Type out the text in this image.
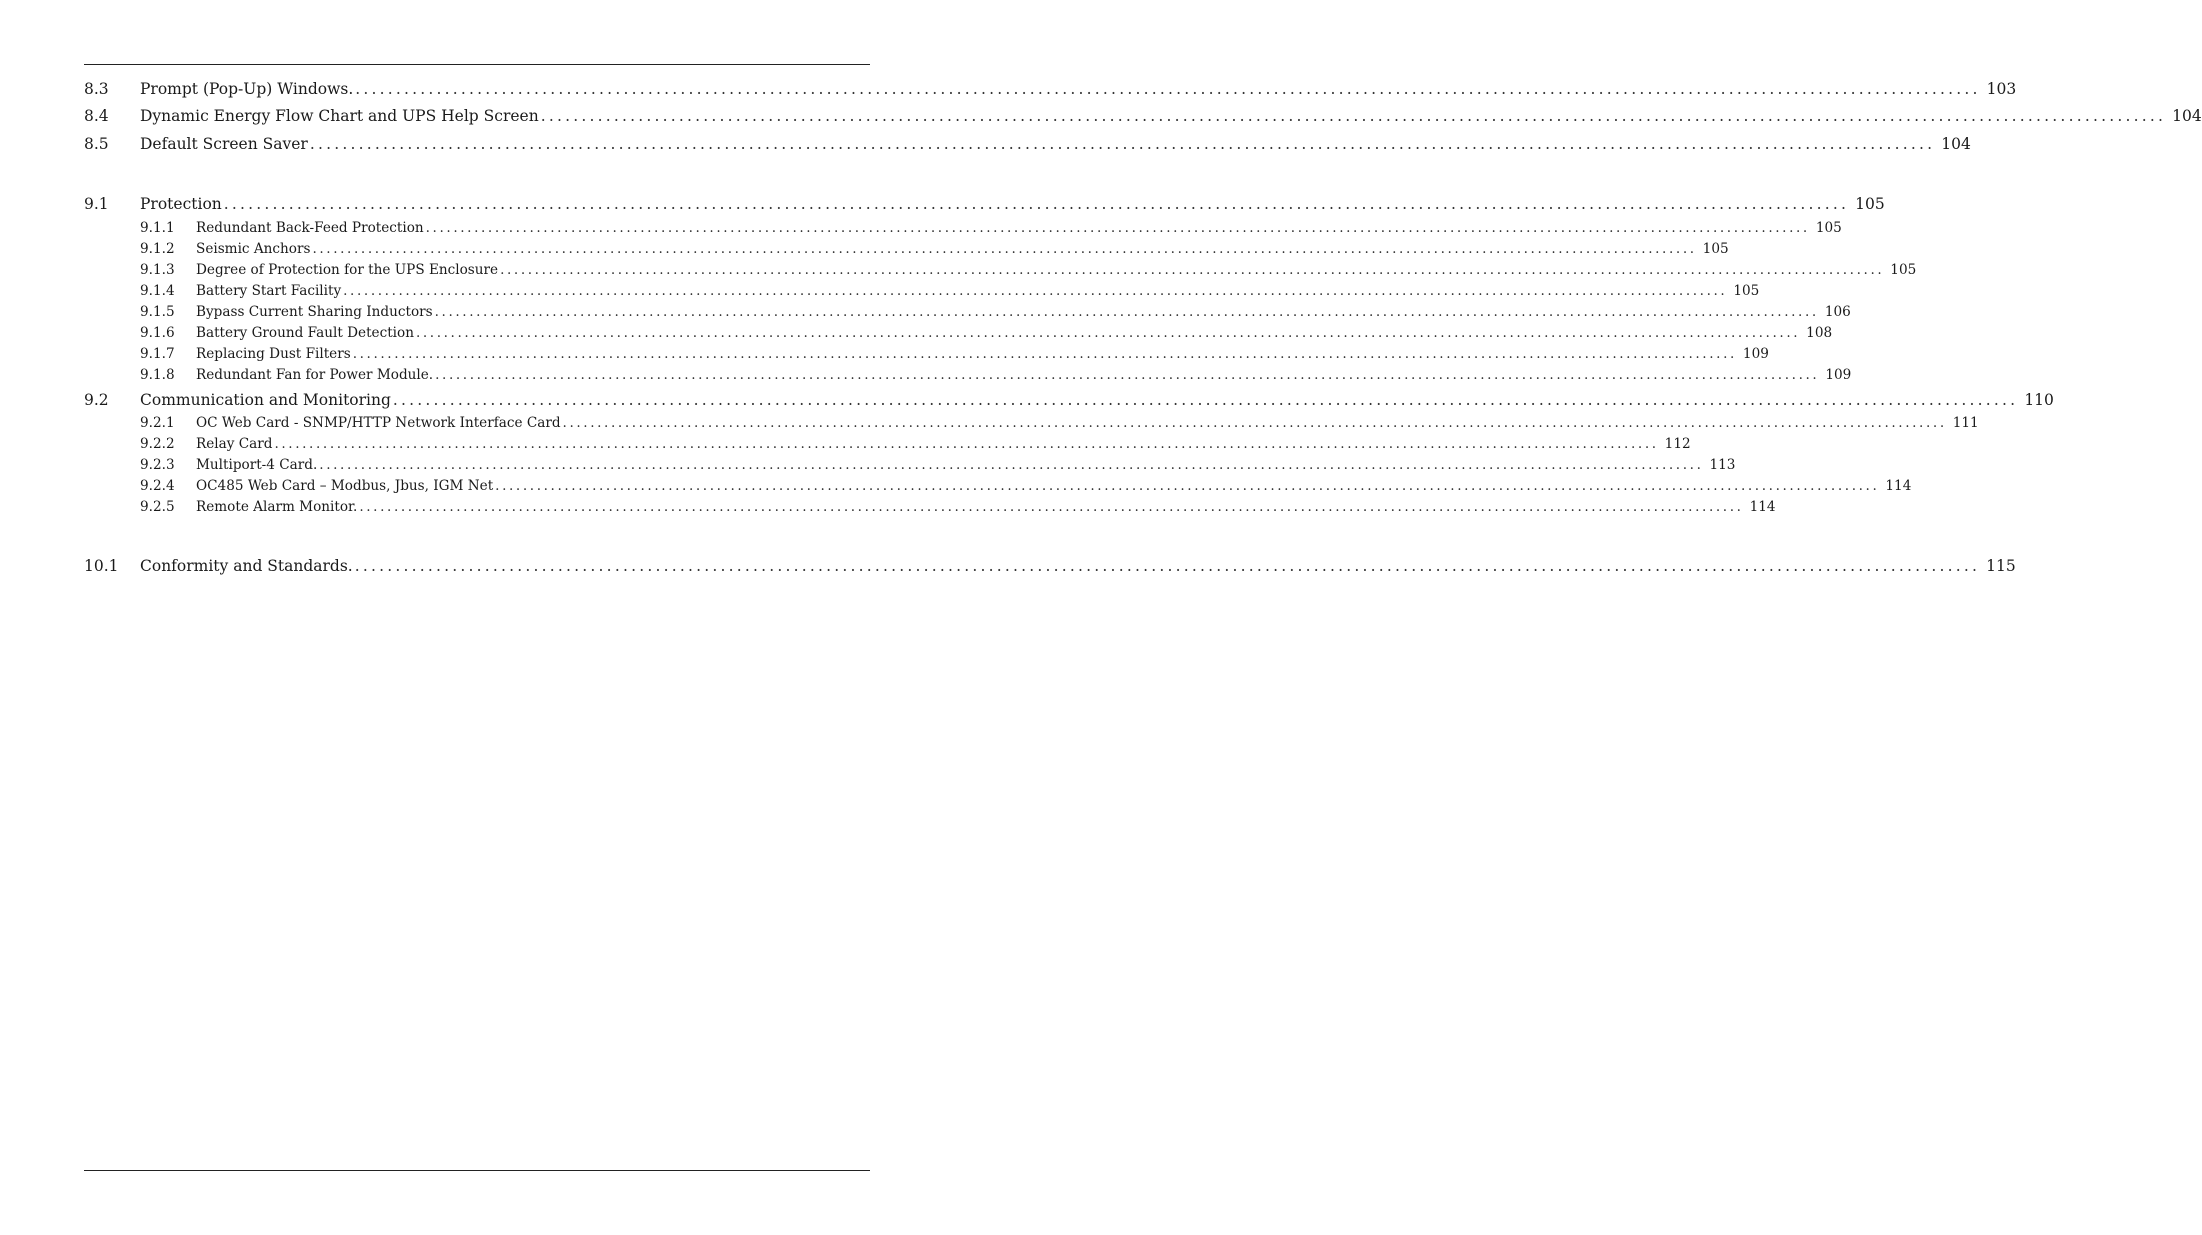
8.3	Prompt (Pop-Up) Windows. ........................................................................................................................................................................................................ 103
8.4	Dynamic Energy Flow Chart and UPS Help Screen ........................................................................................................................................................................................................ 104
8.5	Default Screen Saver ........................................................................................................................................................................................................ 104
9.1	Protection ........................................................................................................................................................................................................ 105
9.1.1	Redundant Back-Feed Protection ........................................................................................................................................................................................................ 105
9.1.2	Seismic Anchors ........................................................................................................................................................................................................ 105
9.1.3	Degree of Protection for the UPS Enclosure ........................................................................................................................................................................................................ 105
9.1.4	Battery Start Facility ........................................................................................................................................................................................................ 105
9.1.5	Bypass Current Sharing Inductors ........................................................................................................................................................................................................ 106
9.1.6	Battery Ground Fault Detection ........................................................................................................................................................................................................ 108
9.1.7	Replacing Dust Filters ........................................................................................................................................................................................................ 109
9.1.8	Redundant Fan for Power Module. ........................................................................................................................................................................................................ 109
9.2	Communication and Monitoring ........................................................................................................................................................................................................ 110
9.2.1	OC Web Card - SNMP/HTTP Network Interface Card ........................................................................................................................................................................................................ 111
9.2.2	Relay Card ........................................................................................................................................................................................................ 112
9.2.3	Multiport-4 Card. ........................................................................................................................................................................................................ 113
9.2.4	OC485 Web Card – Modbus, Jbus, IGM Net ........................................................................................................................................................................................................ 114
9.2.5	Remote Alarm Monitor. ........................................................................................................................................................................................................ 114
10.1	Conformity and Standards. ........................................................................................................................................................................................................ 115
